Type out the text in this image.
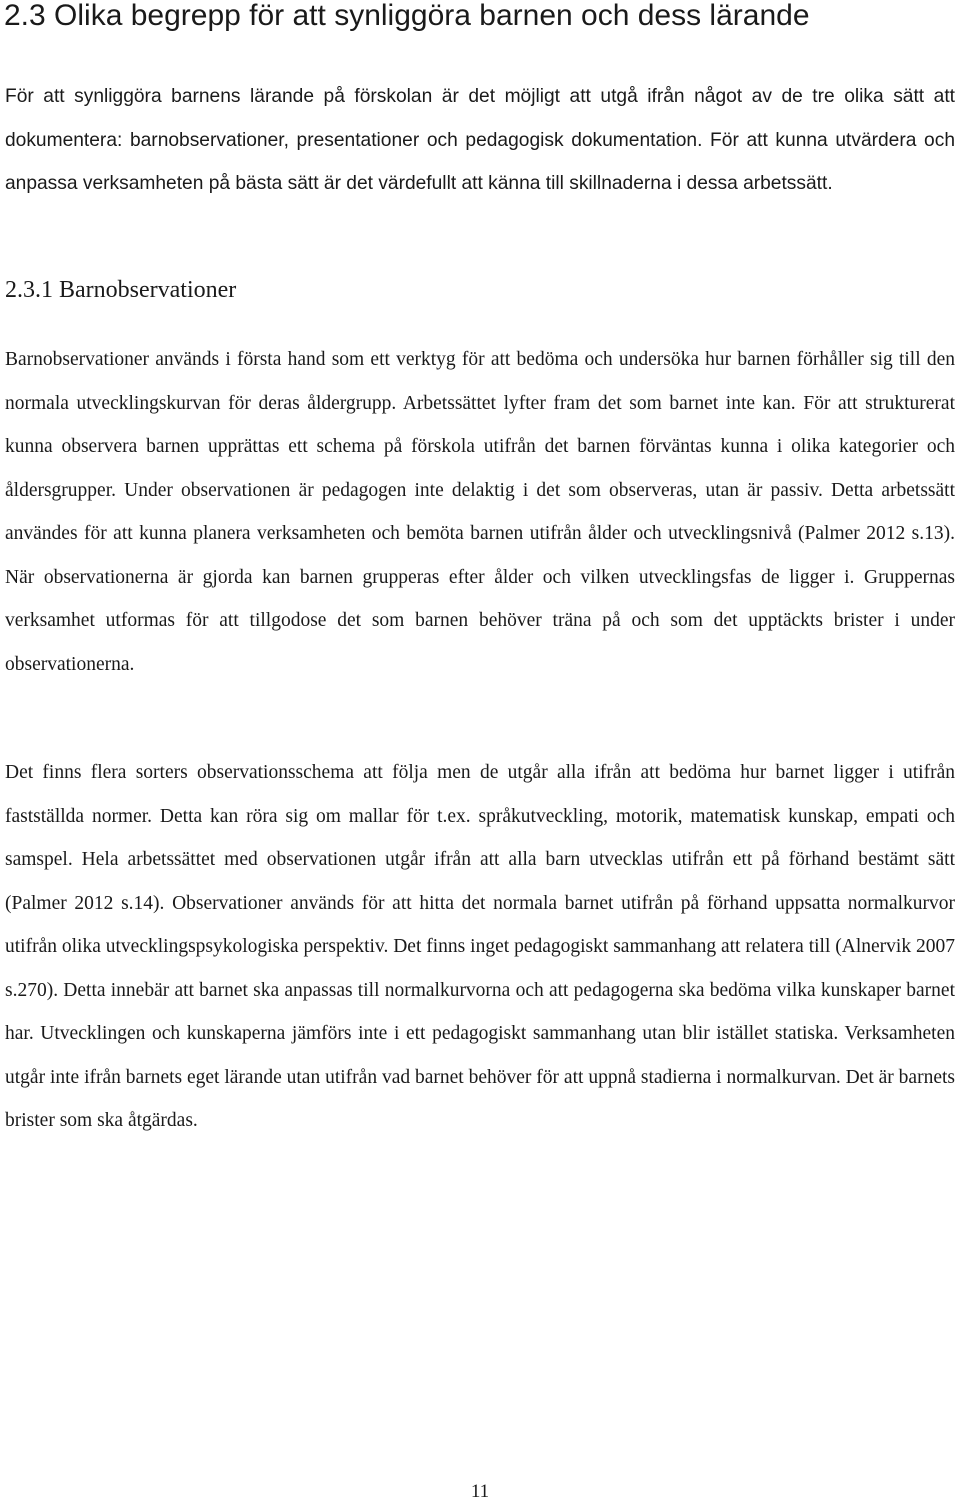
2.3 Olika begrepp för att synliggöra barnen och dess lärande

För att synliggöra barnens lärande på förskolan är det möjligt att utgå ifrån något av de tre olika sätt att dokumentera: barnobservationer, presentationer och pedagogisk dokumentation. För att kunna utvärdera och anpassa verksamheten på bästa sätt är det värdefullt att känna till skillnaderna i dessa arbetssätt.

2.3.1 Barnobservationer

Barnobservationer används i första hand som ett verktyg för att bedöma och undersöka hur barnen förhåller sig till den normala utvecklingskurvan för deras åldergrupp. Arbetssättet lyfter fram det som barnet inte kan. För att strukturerat kunna observera barnen upprättas ett schema på förskola utifrån det barnen förväntas kunna i olika kategorier och åldersgrupper. Under observationen är pedagogen inte delaktig i det som observeras, utan är passiv. Detta arbetssätt användes för att kunna planera verksamheten och bemöta barnen utifrån ålder och utvecklingsnivå (Palmer 2012 s.13). När observationerna är gjorda kan barnen grupperas efter ålder och vilken utvecklingsfas de ligger i. Gruppernas verksamhet utformas för att tillgodose det som barnen behöver träna på och som det upptäckts brister i under observationerna.

Det finns flera sorters observationsschema att följa men de utgår alla ifrån att bedöma hur barnet ligger i utifrån fastställda normer. Detta kan röra sig om mallar för t.ex. språkutveckling, motorik, matematisk kunskap, empati och samspel. Hela arbetssättet med observationen utgår ifrån att alla barn utvecklas utifrån ett på förhand bestämt sätt (Palmer 2012 s.14). Observationer används för att hitta det normala barnet utifrån på förhand uppsatta normalkurvor utifrån olika utvecklingspsykologiska perspektiv. Det finns inget pedagogiskt sammanhang att relatera till (Alnervik 2007 s.270). Detta innebär att barnet ska anpassas till normalkurvorna och att pedagogerna ska bedöma vilka kunskaper barnet har. Utvecklingen och kunskaperna jämförs inte i ett pedagogiskt sammanhang utan blir istället statiska. Verksamheten utgår inte ifrån barnets eget lärande utan utifrån vad barnet behöver för att uppnå stadierna i normalkurvan. Det är barnets brister som ska åtgärdas.

11
